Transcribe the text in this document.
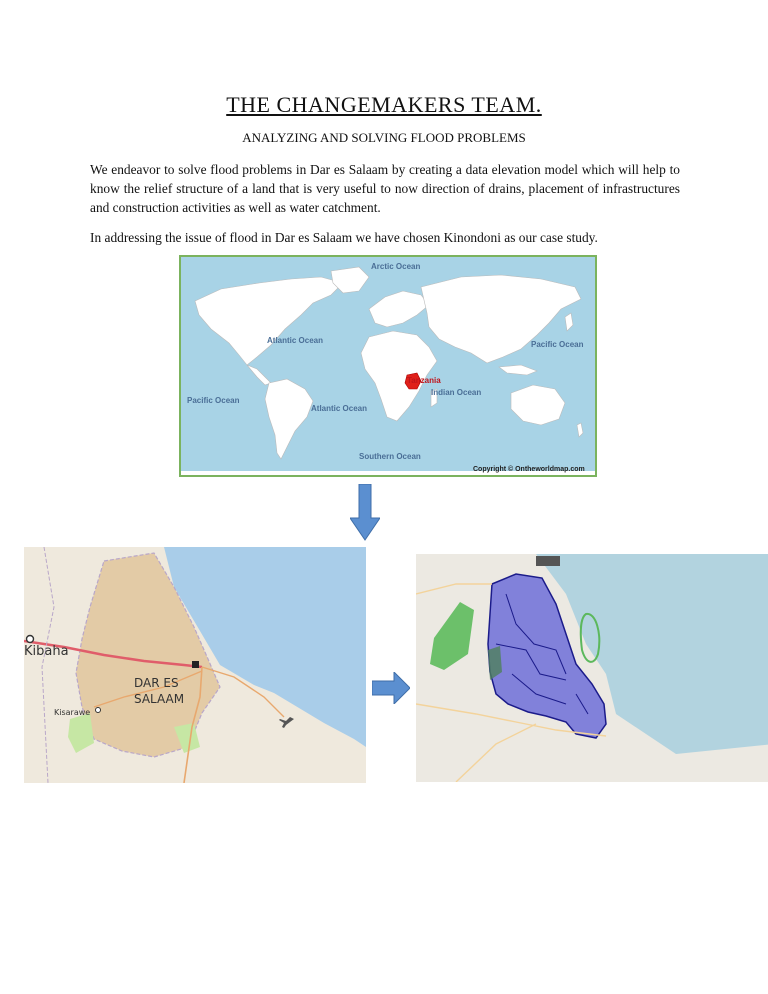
THE CHANGEMAKERS TEAM.
ANALYZING AND SOLVING FLOOD PROBLEMS

We endeavor to solve flood problems in Dar es Salaam by creating a data elevation model which will help to know the relief structure of a land that is very useful to now direction of drains, placement of infrastructures and construction activities as well as water catchment.

In addressing the issue of flood in Dar es Salaam we have chosen Kinondoni as our case study.

Arctic Ocean
Atlantic Ocean	Pacific Ocean
Pacific Ocean
Atlantic Ocean
Indian Ocean
Southern Ocean
Tanzania
Copyright © Ontheworldmap.com
Kibaha
DAR ES
SALAAM
Kisarawe
